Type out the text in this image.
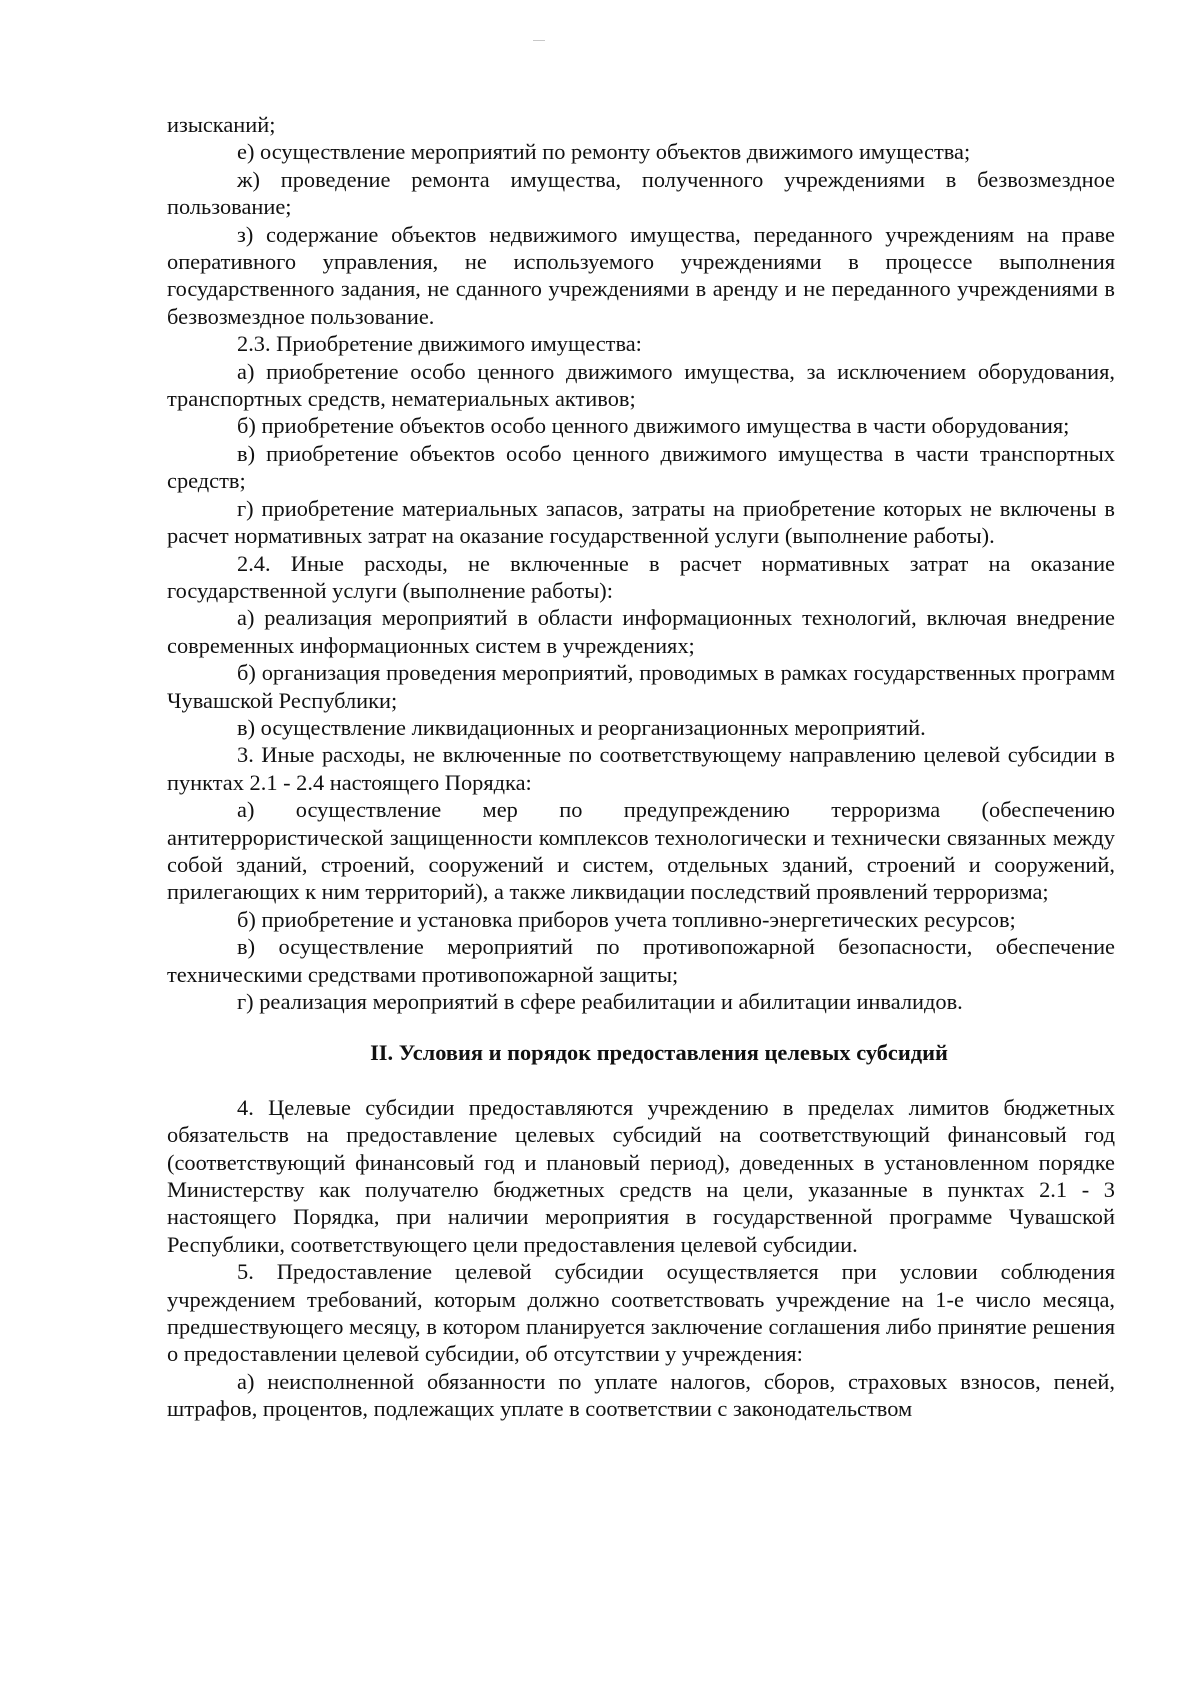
изысканий;

е) осуществление мероприятий по ремонту объектов движимого имущества;

ж) проведение ремонта имущества, полученного учреждениями в безвозмездное пользование;

з) содержание объектов недвижимого имущества, переданного учреждениям на праве оперативного управления, не используемого учреждениями в процессе выполнения государственного задания, не сданного учреждениями в аренду и не переданного учреждениями в безвозмездное пользование.

2.3. Приобретение движимого имущества:

а) приобретение особо ценного движимого имущества, за исключением оборудования, транспортных средств, нематериальных активов;

б) приобретение объектов особо ценного движимого имущества в части оборудования;

в) приобретение объектов особо ценного движимого имущества в части транспортных средств;

г) приобретение материальных запасов, затраты на приобретение которых не включены в расчет нормативных затрат на оказание государственной услуги (выполнение работы).

2.4. Иные расходы, не включенные в расчет нормативных затрат на оказание государственной услуги (выполнение работы):

а) реализация мероприятий в области информационных технологий, включая внедрение современных информационных систем в учреждениях;

б) организация проведения мероприятий, проводимых в рамках государственных программ Чувашской Республики;

в) осуществление ликвидационных и реорганизационных мероприятий.

3. Иные расходы, не включенные по соответствующему направлению целевой субсидии в пунктах 2.1 - 2.4 настоящего Порядка:

а) осуществление мер по предупреждению терроризма (обеспечению антитеррористической защищенности комплексов технологически и технически связанных между собой зданий, строений, сооружений и систем, отдельных зданий, строений и сооружений, прилегающих к ним территорий), а также ликвидации последствий проявлений терроризма;

б) приобретение и установка приборов учета топливно-энергетических ресурсов;

в) осуществление мероприятий по противопожарной безопасности, обеспечение техническими средствами противопожарной защиты;

г) реализация мероприятий в сфере реабилитации и абилитации инвалидов.

II. Условия и порядок предоставления целевых субсидий

4. Целевые субсидии предоставляются учреждению в пределах лимитов бюджетных обязательств на предоставление целевых субсидий на соответствующий финансовый год (соответствующий финансовый год и плановый период), доведенных в установленном порядке Министерству как получателю бюджетных средств на цели, указанные в пунктах 2.1 - 3 настоящего Порядка, при наличии мероприятия в государственной программе Чувашской Республики, соответствующего цели предоставления целевой субсидии.

5. Предоставление целевой субсидии осуществляется при условии соблюдения учреждением требований, которым должно соответствовать учреждение на 1-е число месяца, предшествующего месяцу, в котором планируется заключение соглашения либо принятие решения о предоставлении целевой субсидии, об отсутствии у учреждения:

а) неисполненной обязанности по уплате налогов, сборов, страховых взносов, пеней, штрафов, процентов, подлежащих уплате в соответствии с законодательством
